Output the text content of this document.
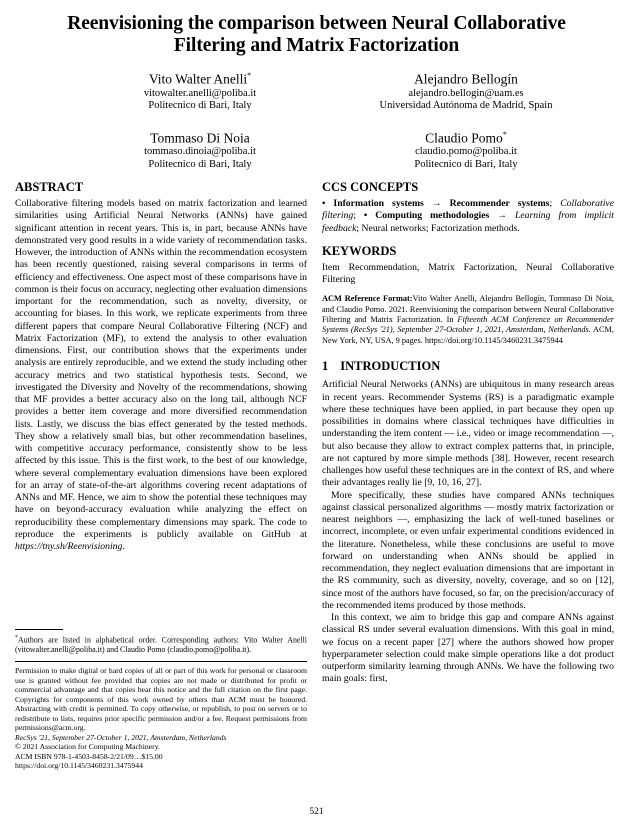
Reenvisioning the comparison between Neural Collaborative
Filtering and Matrix Factorization
Vito Walter Anelli*
vitowalter.anelli@poliba.it
Politecnico di Bari, Italy
Alejandro Bellogín
alejandro.bellogin@uam.es
Universidad Autónoma de Madrid, Spain
Tommaso Di Noia
tommaso.dinoia@poliba.it
Politecnico di Bari, Italy
Claudio Pomo*
claudio.pomo@poliba.it
Politecnico di Bari, Italy
ABSTRACT

Collaborative filtering models based on matrix factorization and learned similarities using Artificial Neural Networks (ANNs) have gained significant attention in recent years. This is, in part, because ANNs have demonstrated very good results in a wide variety of recommendation tasks. However, the introduction of ANNs within the recommendation ecosystem has been recently questioned, raising several comparisons in terms of efficiency and effectiveness. One aspect most of these comparisons have in common is their focus on accuracy, neglecting other evaluation dimensions important for the recommendation, such as novelty, diversity, or accounting for biases. In this work, we replicate experiments from three different papers that compare Neural Collaborative Filtering (NCF) and Matrix Factorization (MF), to extend the analysis to other evaluation dimensions. First, our contribution shows that the experiments under analysis are entirely reproducible, and we extend the study including other accuracy metrics and two statistical hypothesis tests. Second, we investigated the Diversity and Novelty of the recommendations, showing that MF provides a better accuracy also on the long tail, although NCF provides a better item coverage and more diversified recommendation lists. Lastly, we discuss the bias effect generated by the tested methods. They show a relatively small bias, but other recommendation baselines, with competitive accuracy performance, consistently show to be less affected by this issue. This is the first work, to the best of our knowledge, where several complementary evaluation dimensions have been explored for an array of state-of-the-art algorithms covering recent adaptations of ANNs and MF. Hence, we aim to show the potential these techniques may have on beyond-accuracy evaluation while analyzing the effect on reproducibility these complementary dimensions may spark. The code to reproduce the experiments is publicly available on GitHub at https://tny.sh/Reenvisioning.

*Authors are listed in alphabetical order. Corresponding authors: Vito Walter Anelli (vitowalter.anelli@poliba.it) and Claudio Pomo (claudio.pomo@poliba.it).

Permission to make digital or hard copies of all or part of this work for personal or classroom use is granted without fee provided that copies are not made or distributed for profit or commercial advantage and that copies bear this notice and the full citation on the first page. Copyrights for components of this work owned by others than ACM must be honored. Abstracting with credit is permitted. To copy otherwise, or republish, to post on servers or to redistribute to lists, requires prior specific permission and/or a fee. Request permissions from permissions@acm.org.
RecSys '21, September 27-October 1, 2021, Amsterdam, Netherlands
© 2021 Association for Computing Machinery.
ACM ISBN 978-1-4503-8458-2/21/09…$15.00
https://doi.org/10.1145/3460231.3475944
CCS CONCEPTS

• Information systems → Recommender systems; Collaborative filtering; • Computing methodologies → Learning from implicit feedback; Neural networks; Factorization methods.

KEYWORDS

Item Recommendation, Matrix Factorization, Neural Collaborative Filtering

ACM Reference Format:Vito Walter Anelli, Alejandro Bellogín, Tommaso Di Noia, and Claudio Pomo. 2021. Reenvisioning the comparison between Neural Collaborative Filtering and Matrix Factorization. In Fifteenth ACM Conference on Recommender Systems (RecSys '21), September 27-October 1, 2021, Amsterdam, Netherlands. ACM, New York, NY, USA, 9 pages. https://doi.org/10.1145/3460231.3475944

1 INTRODUCTION

Artificial Neural Networks (ANNs) are ubiquitous in many research areas in recent years. Recommender Systems (RS) is a paradigmatic example where these techniques have been applied, in part because they open up possibilities in domains where classical techniques have difficulties in understanding the item content — i.e., video or image recommendation —, but also because they allow to extract complex patterns that, in principle, are not captured by more simple methods [38]. However, recent research challenges how useful these techniques are in the context of RS, and where their advantages really lie [9, 10, 16, 27].

More specifically, these studies have compared ANNs techniques against classical personalized algorithms — mostly matrix factorization or nearest neighbors —, emphasizing the lack of well-tuned baselines or incorrect, incomplete, or even unfair experimental conditions evidenced in the literature. Nonetheless, while these conclusions are useful to move forward on understanding when ANNs should be applied in recommendation, they neglect evaluation dimensions that are important in the RS community, such as diversity, novelty, coverage, and so on [12], since most of the authors have focused, so far, on the precision/accuracy of the recommended items produced by those methods.

In this context, we aim to bridge this gap and compare ANNs against classical RS under several evaluation dimensions. With this goal in mind, we focus on a recent paper [27] where the authors showed how proper hyperparameter selection could make simple operations like a dot product outperform similarity learning through ANNs. We have the following two main goals: first,

521
